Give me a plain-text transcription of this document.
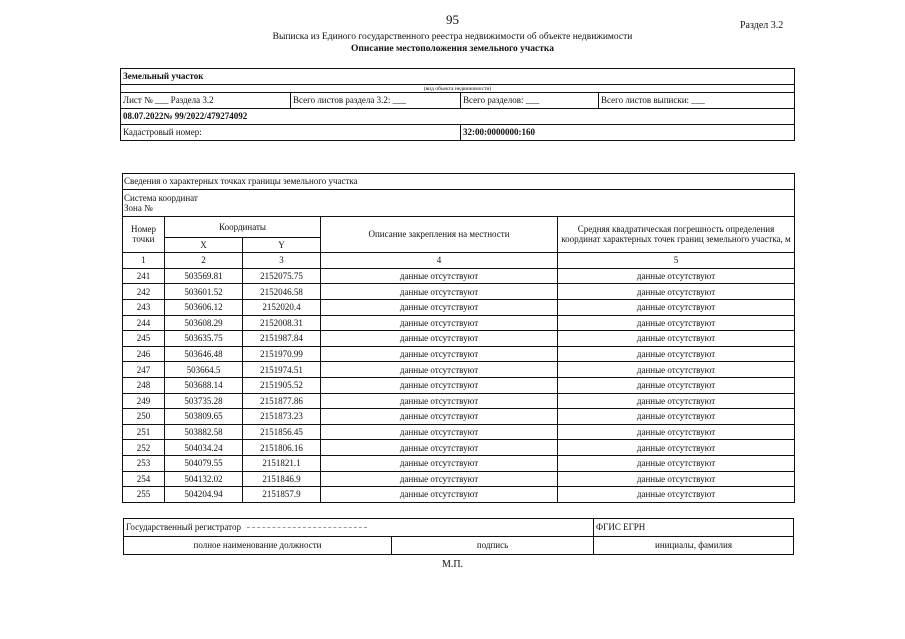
95	Раздел 3.2
Выписка из Единого государственного реестра недвижимости об объекте недвижимости
Описание местоположения земельного участка
Земельный участок			
(вид объекта недвижимости)			
Лист № ___ Раздела 3.2	Всего листов раздела 3.2: ___	Всего разделов: ___	Всего листов выписки: ___
08.07.2022№ 99/2022/479274092			
Кадастровый номер:		32:00:0000000:160	
Сведения о характерных точках границы земельного участка				

Система координат
Зона №				

Номер точки	Координаты		Описание закрепления на местности	Средняя квадратическая погрешность определения координат характерных точек границ земельного участка, м
	X	Y		
1	2	3	4	5
241	503569.81	2152075.75	данные отсутствуют	данные отсутствуют
242	503601.52	2152046.58	данные отсутствуют	данные отсутствуют
243	503606.12	2152020.4	данные отсутствуют	данные отсутствуют
244	503608.29	2152008.31	данные отсутствуют	данные отсутствуют
245	503635.75	2151987.84	данные отсутствуют	данные отсутствуют
246	503646.48	2151970.99	данные отсутствуют	данные отсутствуют
247	503664.5	2151974.51	данные отсутствуют	данные отсутствуют
248	503688.14	2151905.52	данные отсутствуют	данные отсутствуют
249	503735.28	2151877.86	данные отсутствуют	данные отсутствуют
250	503809.65	2151873.23	данные отсутствуют	данные отсутствуют
251	503882.58	2151856.45	данные отсутствуют	данные отсутствуют
252	504034.24	2151806.16	данные отсутствуют	данные отсутствуют
253	504079.55	2151821.1	данные отсутствуют	данные отсутствуют
254	504132.02	2151846.9	данные отсутствуют	данные отсутствуют
255	504204.94	2151857.9	данные отсутствуют	данные отсутствуют
Государственный регистратор		ФГИС ЕГРН
полное наименование должности	подпись	инициалы, фамилия
М.П.
